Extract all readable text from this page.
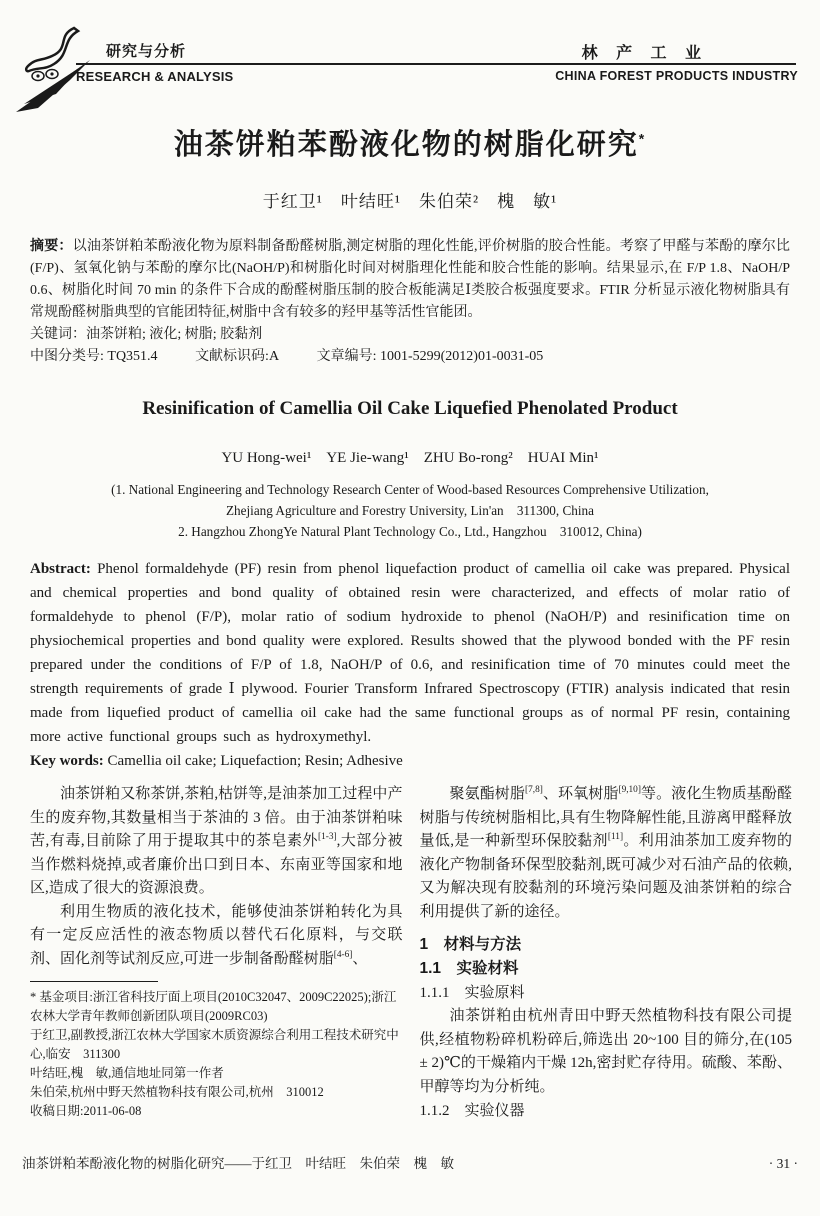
研究与分析
RESEARCH & ANALYSIS
林 产 工 业
CHINA FOREST PRODUCTS INDUSTRY
油茶饼粕苯酚液化物的树脂化研究*
于红卫¹　叶结旺¹　朱伯荣²　槐　敏¹

摘要：以油茶饼粕苯酚液化物为原料制备酚醛树脂,测定树脂的理化性能,评价树脂的胶合性能。考察了甲醛与苯酚的摩尔比(F/P)、氢氧化钠与苯酚的摩尔比(NaOH/P)和树脂化时间对树脂理化性能和胶合性能的影响。结果显示,在 F/P 1.8、NaOH/P 0.6、树脂化时间 70 min 的条件下合成的酚醛树脂压制的胶合板能满足Ⅰ类胶合板强度要求。FTIR 分析显示液化物树脂具有常规酚醛树脂典型的官能团特征,树脂中含有较多的羟甲基等活性官能团。

关键词：油茶饼粕; 液化; 树脂; 胶黏剂

中图分类号: TQ351.4	文献标识码:A	文章编号: 1001-5299(2012)01-0031-05

Resinification of Camellia Oil Cake Liquefied Phenolated Product
YU Hong-wei¹　YE Jie-wang¹　ZHU Bo-rong²　HUAI Min¹
(1. National Engineering and Technology Research Center of Wood-based Resources Comprehensive Utilization,
Zhejiang Agriculture and Forestry University, Lin'an　311300, China
2. Hangzhou ZhongYe Natural Plant Technology Co., Ltd., Hangzhou　310012, China)

Abstract: Phenol formaldehyde (PF) resin from phenol liquefaction product of camellia oil cake was prepared. Physical and chemical properties and bond quality of obtained resin were characterized, and effects of molar ratio of formaldehyde to phenol (F/P), molar ratio of sodium hydroxide to phenol (NaOH/P) and resinification time on physiochemical properties and bond quality were explored. Results showed that the plywood bonded with the PF resin prepared under the conditions of F/P of 1.8, NaOH/P of 0.6, and resinification time of 70 minutes could meet the strength requirements of grade Ⅰ plywood. Fourier Transform Infrared Spectroscopy (FTIR) analysis indicated that resin made from liquefied product of camellia oil cake had the same functional groups as of normal PF resin, containing more active functional groups such as hydroxymethyl.

Key words: Camellia oil cake; Liquefaction; Resin; Adhesive

油茶饼粕又称茶饼,茶粕,枯饼等,是油茶加工过程中产生的废弃物,其数量相当于茶油的 3 倍。由于油茶饼粕味苦,有毒,目前除了用于提取其中的茶皂素外[1-3],大部分被当作燃料烧掉,或者廉价出口到日本、东南亚等国家和地区,造成了很大的资源浪费。

利用生物质的液化技术，能够使油茶饼粕转化为具有一定反应活性的液态物质以替代石化原料，与交联剂、固化剂等试剂反应,可进一步制备酚醛树脂[4-6]、

* 基金项目:浙江省科技厅面上项目(2010C32047、2009C22025);浙江农林大学青年教师创新团队项目(2009RC03)

于红卫,副教授,浙江农林大学国家木质资源综合利用工程技术研究中心,临安　311300

叶结旺,槐　敏,通信地址同第一作者

朱伯荣,杭州中野天然植物科技有限公司,杭州　310012

收稿日期:2011-06-08

聚氨酯树脂[7,8]、环氧树脂[9,10]等。液化生物质基酚醛树脂与传统树脂相比,具有生物降解性能,且游离甲醛释放量低,是一种新型环保胶黏剂[11]。利用油茶加工废弃物的液化产物制备环保型胶黏剂,既可减少对石油产品的依赖,又为解决现有胶黏剂的环境污染问题及油茶饼粕的综合利用提供了新的途径。

1　材料与方法

1.1　实验材料

1.1.1　实验原料

油茶饼粕由杭州青田中野天然植物科技有限公司提供,经植物粉碎机粉碎后,筛选出 20~100 目的筛分,在(105 ± 2)℃的干燥箱内干燥 12h,密封贮存待用。硫酸、苯酚、甲醇等均为分析纯。

1.1.2　实验仪器

油茶饼粕苯酚液化物的树脂化研究——于红卫　叶结旺　朱伯荣　槐　敏	· 31 ·
